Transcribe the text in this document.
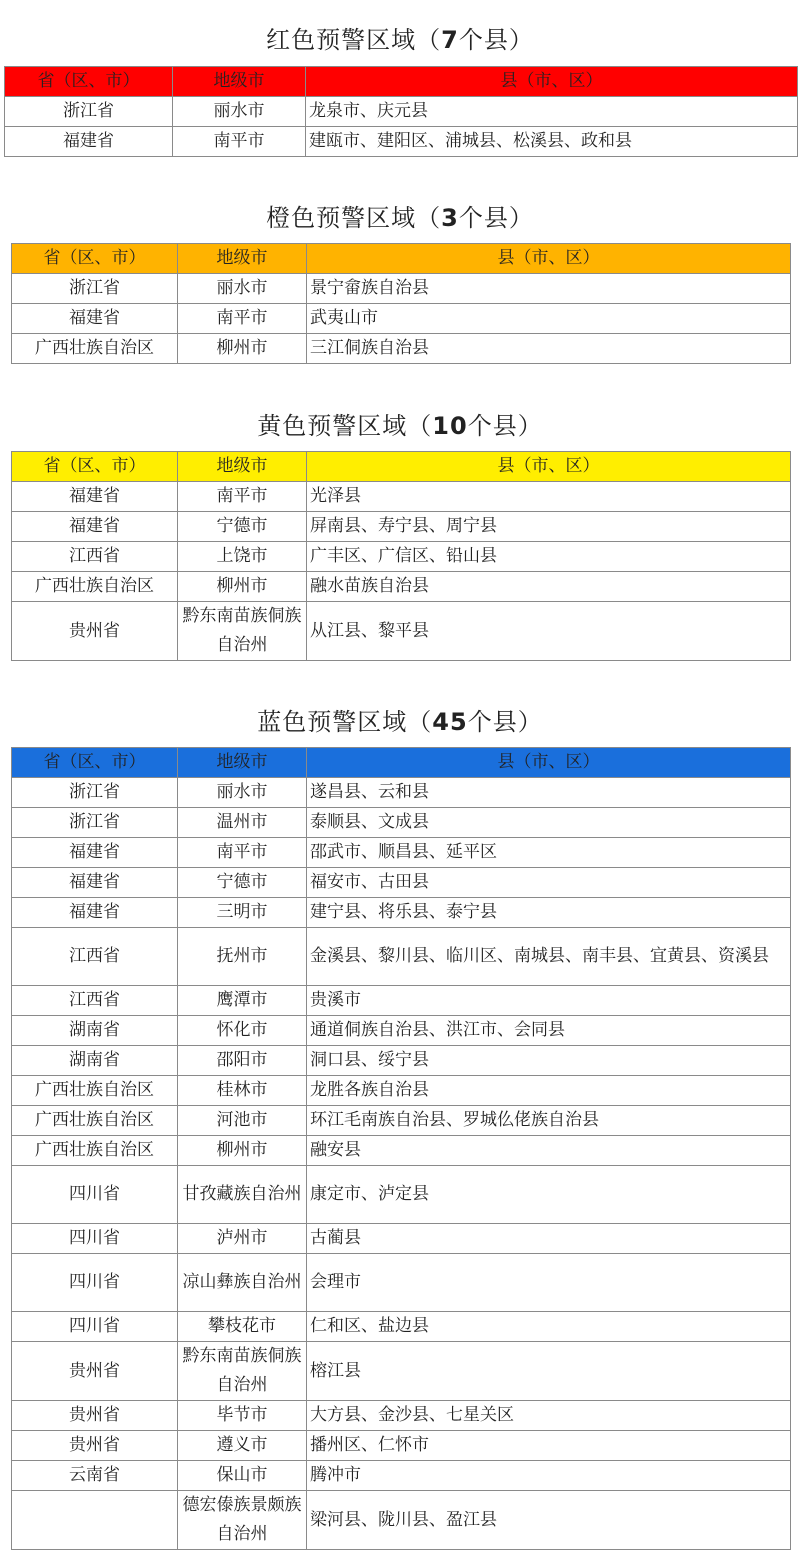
红色预警区域（7个县）
省（区、市）	地级市	县（市、区）
浙江省	丽水市	龙泉市、庆元县
福建省	南平市	建瓯市、建阳区、浦城县、松溪县、政和县
橙色预警区域（3个县）
省（区、市）	地级市	县（市、区）
浙江省	丽水市	景宁畲族自治县
福建省	南平市	武夷山市
广西壮族自治区	柳州市	三江侗族自治县
黄色预警区域（10个县）
省（区、市）	地级市	县（市、区）
福建省	南平市	光泽县
福建省	宁德市	屏南县、寿宁县、周宁县
江西省	上饶市	广丰区、广信区、铅山县
广西壮族自治区	柳州市	融水苗族自治县
贵州省	黔东南苗族侗族自治州	从江县、黎平县
蓝色预警区域（45个县）
省（区、市）	地级市	县（市、区）
浙江省	丽水市	遂昌县、云和县
浙江省	温州市	泰顺县、文成县
福建省	南平市	邵武市、顺昌县、延平区
福建省	宁德市	福安市、古田县
福建省	三明市	建宁县、将乐县、泰宁县
江西省	抚州市	金溪县、黎川县、临川区、南城县、南丰县、宜黄县、资溪县
江西省	鹰潭市	贵溪市
湖南省	怀化市	通道侗族自治县、洪江市、会同县
湖南省	邵阳市	洞口县、绥宁县
广西壮族自治区	桂林市	龙胜各族自治县
广西壮族自治区	河池市	环江毛南族自治县、罗城仫佬族自治县
广西壮族自治区	柳州市	融安县
四川省	甘孜藏族自治州	康定市、泸定县
四川省	泸州市	古蔺县
四川省	凉山彝族自治州	会理市
四川省	攀枝花市	仁和区、盐边县
贵州省	黔东南苗族侗族自治州	榕江县
贵州省	毕节市	大方县、金沙县、七星关区
贵州省	遵义市	播州区、仁怀市
云南省	保山市	腾冲市
	德宏傣族景颇族自治州	梁河县、陇川县、盈江县
